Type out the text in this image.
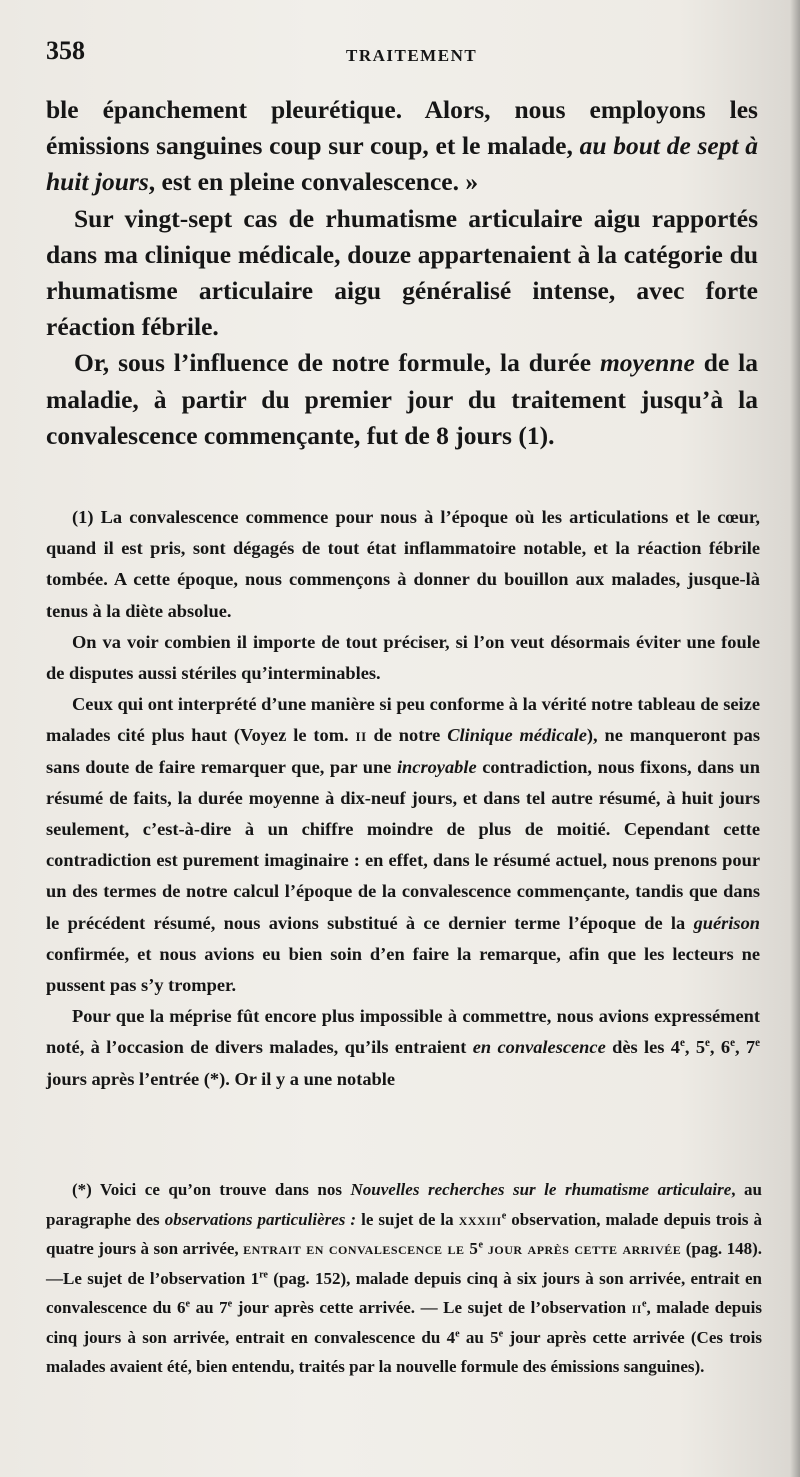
358	TRAITEMENT

ble épanchement pleurétique. Alors, nous employons les émissions sanguines coup sur coup, et le malade, au bout de sept à huit jours, est en pleine convalescence. »

Sur vingt-sept cas de rhumatisme articulaire aigu rapportés dans ma clinique médicale, douze appartenaient à la catégorie du rhumatisme articulaire aigu généralisé intense, avec forte réaction fébrile.

Or, sous l’influence de notre formule, la durée moyenne de la maladie, à partir du premier jour du traitement jusqu’à la convalescence commençante, fut de 8 jours (1).

(1) La convalescence commence pour nous à l’époque où les articulations et le cœur, quand il est pris, sont dégagés de tout état inflammatoire notable, et la réaction fébrile tombée. A cette époque, nous commençons à donner du bouillon aux malades, jusque-là tenus à la diète absolue.

On va voir combien il importe de tout préciser, si l’on veut désormais éviter une foule de disputes aussi stériles qu’interminables.

Ceux qui ont interprété d’une manière si peu conforme à la vérité notre tableau de seize malades cité plus haut (Voyez le tom. ii de notre Clinique médicale), ne manqueront pas sans doute de faire remarquer que, par une incroyable contradiction, nous fixons, dans un résumé de faits, la durée moyenne à dix-neuf jours, et dans tel autre résumé, à huit jours seulement, c’est-à-dire à un chiffre moindre de plus de moitié. Cependant cette contradiction est purement imaginaire : en effet, dans le résumé actuel, nous prenons pour un des termes de notre calcul l’époque de la convalescence commençante, tandis que dans le précédent résumé, nous avions substitué à ce dernier terme l’époque de la guérison confirmée, et nous avions eu bien soin d’en faire la remarque, afin que les lecteurs ne pussent pas s’y tromper.

Pour que la méprise fût encore plus impossible à commettre, nous avions expressément noté, à l’occasion de divers malades, qu’ils entraient en convalescence dès les 4e, 5e, 6e, 7e jours après l’entrée (*). Or il y a une notable

(*) Voici ce qu’on trouve dans nos Nouvelles recherches sur le rhumatisme articulaire, au paragraphe des observations particulières : le sujet de la xxxiii$^e$ observation, malade depuis trois à quatre jours à son arrivée, entrait en convalescence le 5e jour après cette arrivée (pag. 148).—Le sujet de l’observation 1re (pag. 152), malade depuis cinq à six jours à son arrivée, entrait en convalescence du 6e au 7e jour après cette arrivée. — Le sujet de l’observation $ii^e$, malade depuis cinq jours à son arrivée, entrait en convalescence du 4e au 5e jour après cette arrivée (Ces trois malades avaient été, bien entendu, traités par la nouvelle formule des émissions sanguines).
